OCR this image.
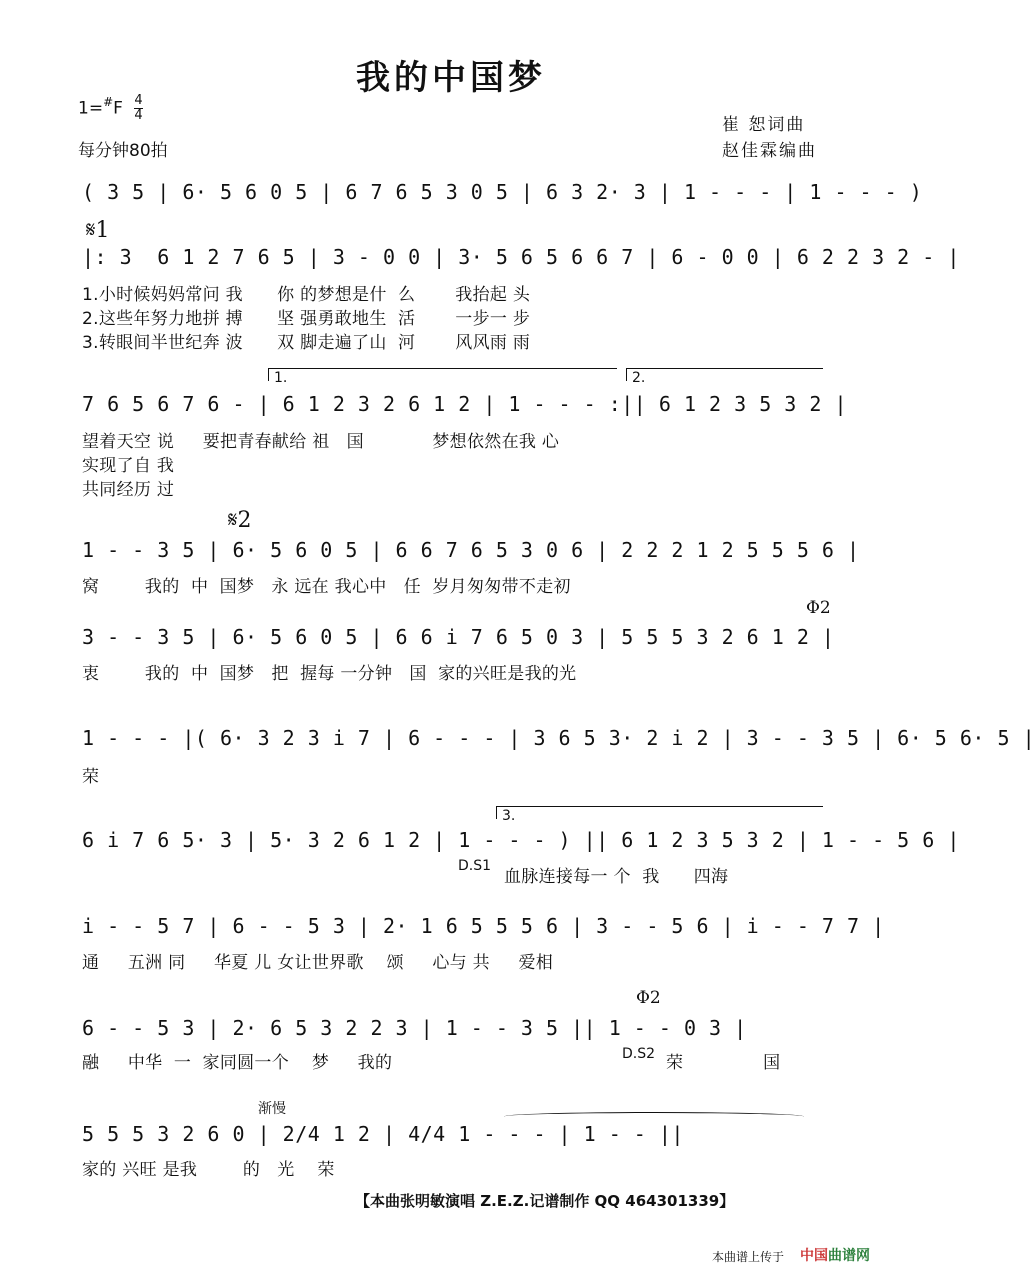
我的中国梦
$1=^{\#}F \frac{4}{4}$
每分钟80拍
崔 恕词曲
赵佳霖编曲
( 3 5 | 6· 5 6 0 5 | 6 7 6 5 3 0 5 | 6 3 2· 3 | 1 - - - | 1 - - - )
𝄋1
|: 3  6 1 2 7 6 5 | 3 - 0 0 | 3· 5 6 5 6 6 7 | 6 - 0 0 | 6 2 2 3 2 - |
1.小时候妈妈常问 我      你 的梦想是什  么       我抬起 头
2.这些年努力地拼 搏      坚 强勇敢地生  活       一步一 步
3.转眼间半世纪奔 波      双 脚走遍了山  河       风风雨 雨
1.	2.
7 6 5 6 7 6 - | 6 1 2 3 2 6 1 2 | 1 - - - :|| 6 1 2 3 5 3 2 |
望着天空 说     要把青春献给 祖   国            梦想依然在我 心
实现了自 我
共同经历 过
𝄋2
1 - - 3 5 | 6· 5 6 0 5 | 6 6 7 6 5 3 0 6 | 2 2 2 1 2 5 5 5 6 |
窝        我的  中  国梦   永 远在 我心中   任  岁月匆匆带不走初
Φ2
3 - - 3 5 | 6· 5 6 0 5 | 6 6 i 7 6 5 0 3 | 5 5 5 3 2 6 1 2 |
衷        我的  中  国梦   把  握每 一分钟   国  家的兴旺是我的光
1 - - - |( 6· 3 2 3 i 7 | 6 - - - | 3 6 5 3· 2 i 2 | 3 - - 3 5 | 6· 5 6· 5 |
荣
3.
6 i 7 6 5· 3 | 5· 3 2 6 1 2 | 1 - - - ) || 6 1 2 3 5 3 2 | 1 - - 5 6 |
D.S1
血脉连接每一 个  我      四海
i - - 5 7 | 6 - - 5 3 | 2· 1 6 5 5 5 6 | 3 - - 5 6 | i - - 7 7 |
通     五洲 同     华夏 儿 女让世界歌    颂     心与 共     爱相
Φ2
6 - - 5 3 | 2· 6 5 3 2 2 3 | 1 - - 3 5 || 1 - - 0 3 |
融     中华  一  家同圆一个    梦     我的	D.S2 荣              国
渐慢
5 5 5 3 2 6 0 | 2/4 1 2 | 4/4 1 - - - | 1 - - ||
家的 兴旺 是我        的   光    荣
【本曲张明敏演唱 Z.E.Z.记谱制作 QQ 464301339】
本曲谱上传于 中国曲谱网
